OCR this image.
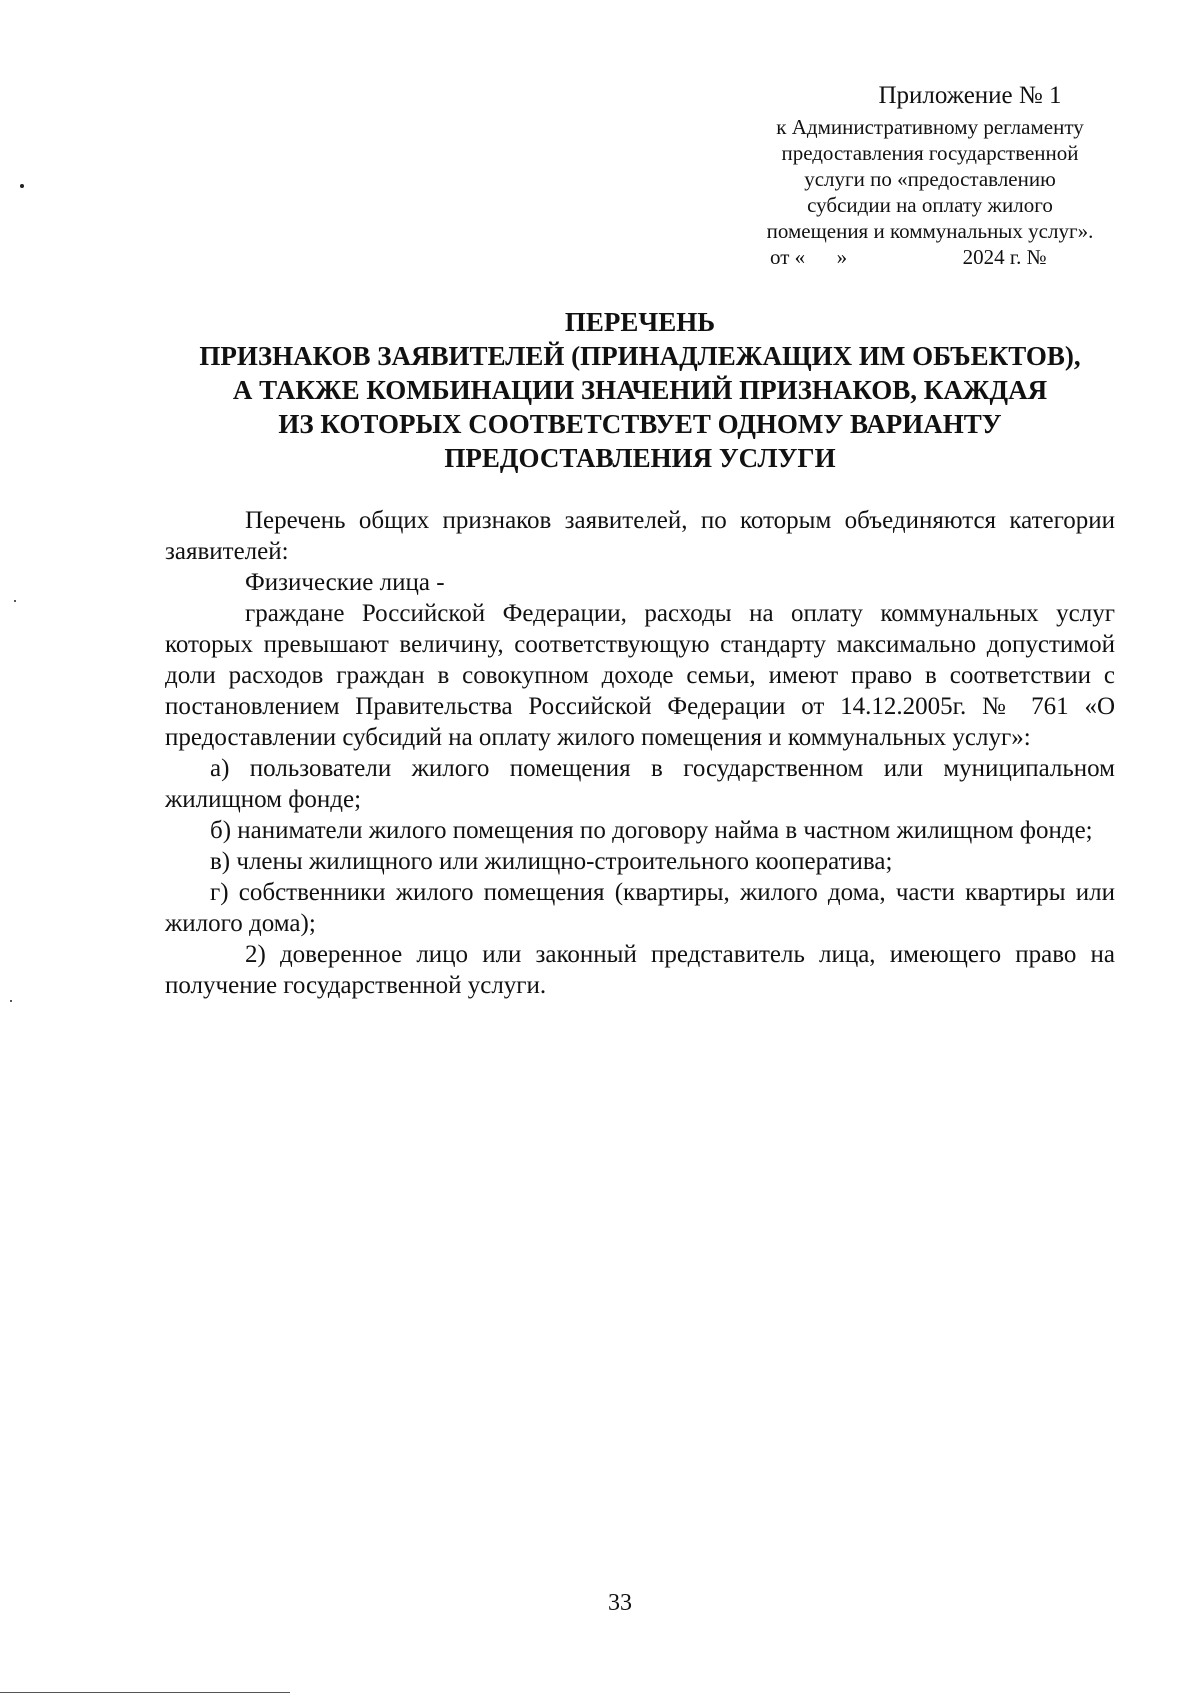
Приложение № 1
к Административному регламенту
предоставления государственной
услуги по «предоставлению
субсидии на оплату жилого
помещения и коммунальных услуг».
от «      »                      2024 г. №
ПЕРЕЧЕНЬ
ПРИЗНАКОВ ЗАЯВИТЕЛЕЙ (ПРИНАДЛЕЖАЩИХ ИМ ОБЪЕКТОВ),
А ТАКЖЕ КОМБИНАЦИИ ЗНАЧЕНИЙ ПРИЗНАКОВ, КАЖДАЯ
ИЗ КОТОРЫХ СООТВЕТСТВУЕТ ОДНОМУ ВАРИАНТУ
ПРЕДОСТАВЛЕНИЯ УСЛУГИ

Перечень общих признаков заявителей, по которым объединяются категории заявителей:

Физические лица -

граждане Российской Федерации, расходы на оплату коммунальных услуг которых превышают величину, соответствующую стандарту максимально допустимой доли расходов граждан в совокупном доходе семьи, имеют право в соответствии с постановлением Правительства Российской Федерации от 14.12.2005г. № 761 «О предоставлении субсидий на оплату жилого помещения и коммунальных услуг»:

а) пользователи жилого помещения в государственном или муниципальном жилищном фонде;

б) наниматели жилого помещения по договору найма в частном жилищном фонде;

в) члены жилищного или жилищно-строительного кооператива;

г) собственники жилого помещения (квартиры, жилого дома, части квартиры или жилого дома);

2) доверенное лицо или законный представитель лица, имеющего право на получение государственной услуги.

33
